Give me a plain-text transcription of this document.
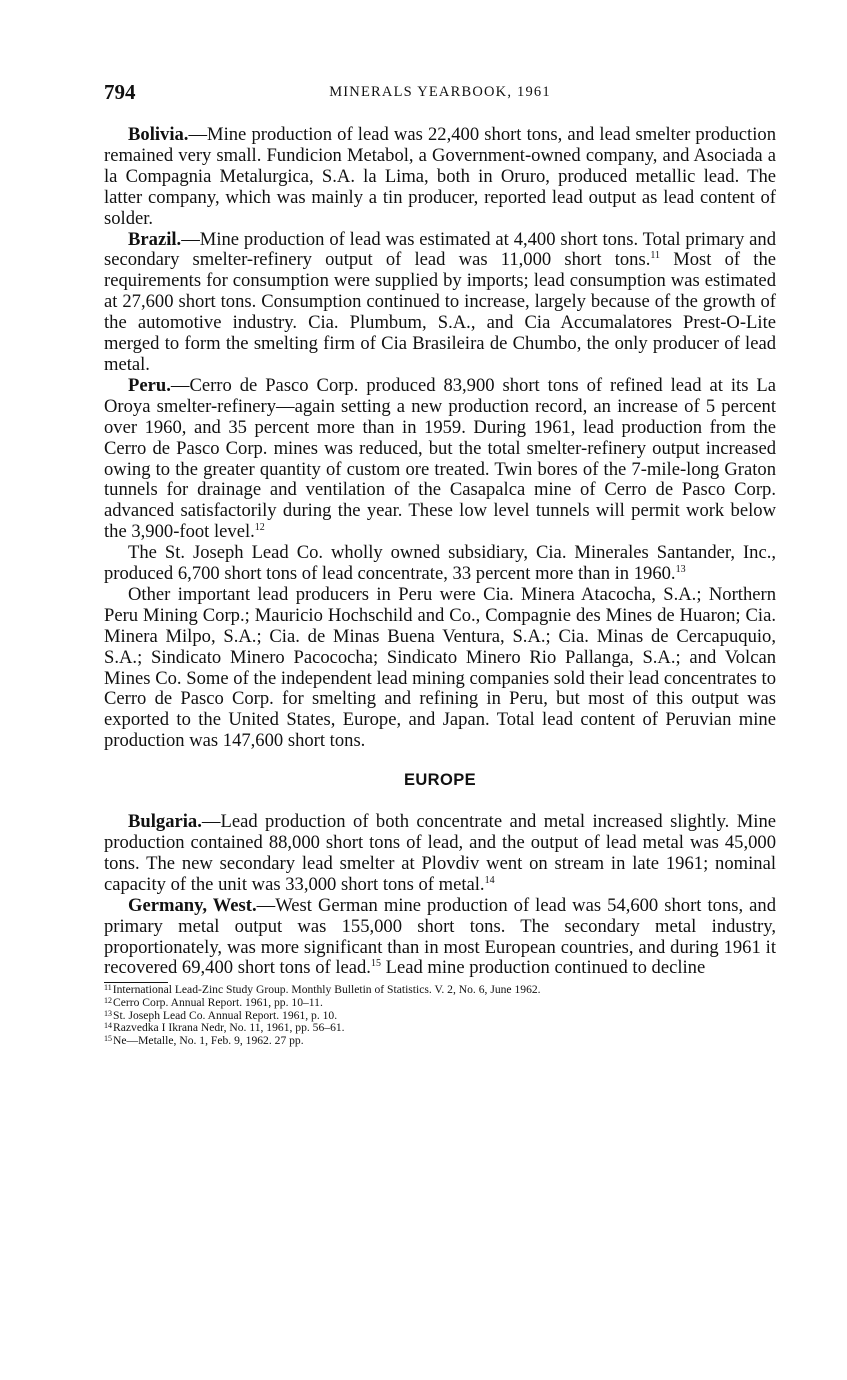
794	MINERALS YEARBOOK, 1961

Bolivia.—Mine production of lead was 22,400 short tons, and lead smelter production remained very small. Fundicion Metabol, a Government-owned company, and Asociada a la Compagnia Metalurgica, S.A. la Lima, both in Oruro, produced metallic lead. The latter company, which was mainly a tin producer, reported lead output as lead content of solder.

Brazil.—Mine production of lead was estimated at 4,400 short tons. Total primary and secondary smelter-refinery output of lead was 11,000 short tons.$^{11}$ Most of the requirements for consumption were supplied by imports; lead consumption was estimated at 27,600 short tons. Consumption continued to increase, largely because of the growth of the automotive industry. Cia. Plumbum, S.A., and Cia Accumalatores Prest-O-Lite merged to form the smelting firm of Cia Brasileira de Chumbo, the only producer of lead metal.

Peru.—Cerro de Pasco Corp. produced 83,900 short tons of refined lead at its La Oroya smelter-refinery—again setting a new production record, an increase of 5 percent over 1960, and 35 percent more than in 1959. During 1961, lead production from the Cerro de Pasco Corp. mines was reduced, but the total smelter-refinery output increased owing to the greater quantity of custom ore treated. Twin bores of the 7-mile-long Graton tunnels for drainage and ventilation of the Casapalca mine of Cerro de Pasco Corp. advanced satisfactorily during the year. These low level tunnels will permit work below the 3,900-foot level.$^{12}$

The St. Joseph Lead Co. wholly owned subsidiary, Cia. Minerales Santander, Inc., produced 6,700 short tons of lead concentrate, 33 percent more than in 1960.13

Other important lead producers in Peru were Cia. Minera Atacocha, S.A.; Northern Peru Mining Corp.; Mauricio Hochschild and Co., Compagnie des Mines de Huaron; Cia. Minera Milpo, S.A.; Cia. de Minas Buena Ventura, S.A.; Cia. Minas de Cercapuquio, S.A.; Sindicato Minero Pacocochа; Sindicato Minero Rio Pallanga, S.A.; and Volcan Mines Co. Some of the independent lead mining companies sold their lead concentrates to Cerro de Pasco Corp. for smelting and refining in Peru, but most of this output was exported to the United States, Europe, and Japan. Total lead content of Peruvian mine production was 147,600 short tons.

EUROPE

Bulgaria.—Lead production of both concentrate and metal increased slightly. Mine production contained 88,000 short tons of lead, and the output of lead metal was 45,000 tons. The new secondary lead smelter at Plovdiv went on stream in late 1961; nominal capacity of the unit was 33,000 short tons of metal.$^{14}$

Germany, West.—West German mine production of lead was 54,600 short tons, and primary metal output was 155,000 short tons. The secondary metal industry, proportionately, was more significant than in most European countries, and during 1961 it recovered 69,400 short tons of lead.$^{15}$ Lead mine production continued to decline

$^{11}$International Lead-Zinc Study Group. Monthly Bulletin of Statistics. V. 2, No. 6, June 1962.
$^{12}$Cerro Corp. Annual Report. 1961, pp. 10–11.
$^{13}$St. Joseph Lead Co. Annual Report. 1961, p. 10.
$^{14}$Razvedka I Ikrana Nedr, No. 11, 1961, pp. 56–61.
$^{15}$Ne—Metalle, No. 1, Feb. 9, 1962. 27 pp.
